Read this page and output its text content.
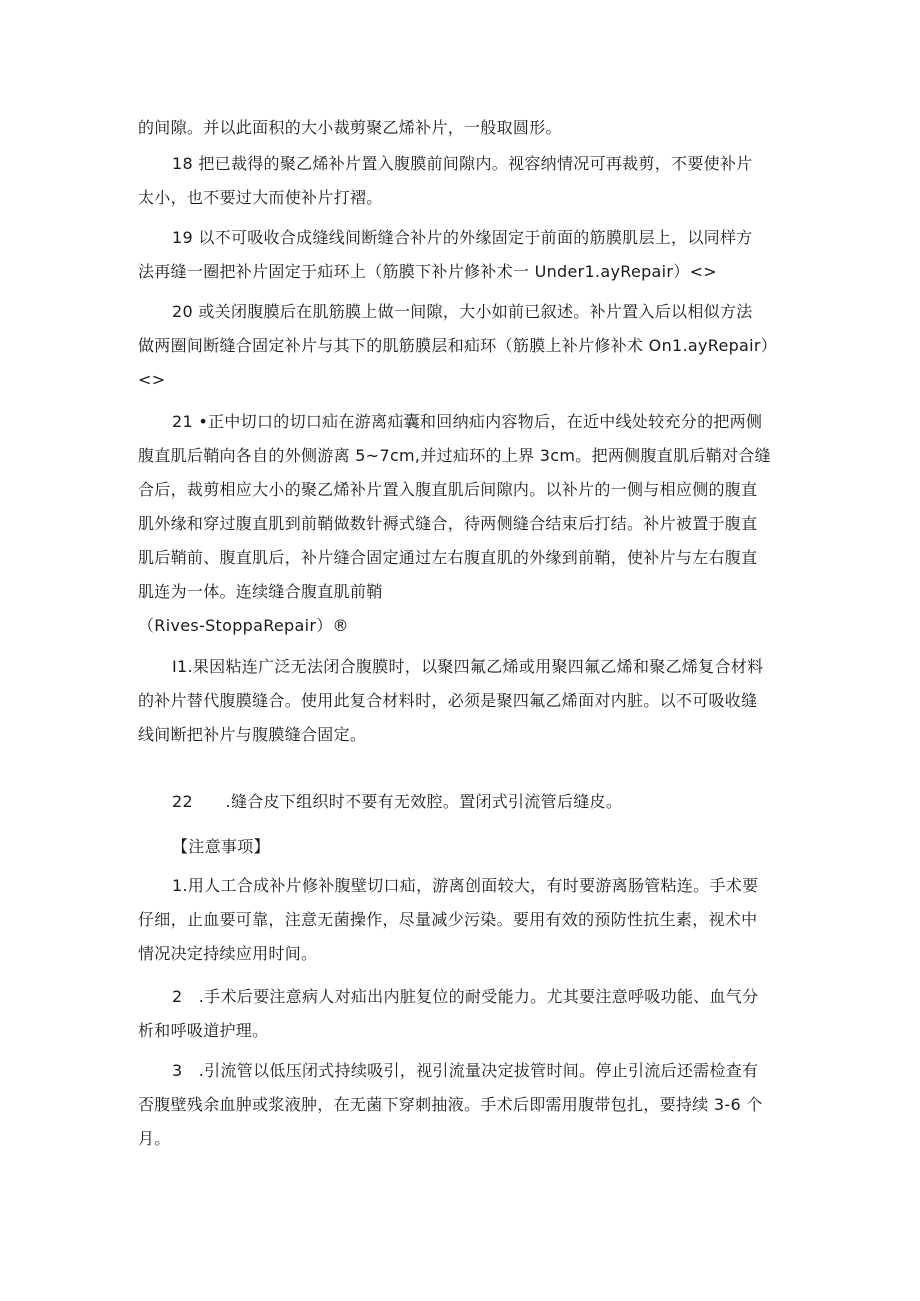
的间隙。并以此面积的大小裁剪聚乙烯补片，一般取圆形。

18 把已裁得的聚乙烯补片置入腹膜前间隙内。视容纳情况可再裁剪，不要使补片
太小，也不要过大而使补片打褶。

19 以不可吸收合成缝线间断缝合补片的外缘固定于前面的筋膜肌层上，以同样方
法再缝一圈把补片固定于疝环上（筋膜下补片修补术一 Under1.ayRepair）<>

20 或关闭腹膜后在肌筋膜上做一间隙，大小如前已叙述。补片置入后以相似方法
做两圈间断缝合固定补片与其下的肌筋膜层和疝环（筋膜上补片修补术 On1.ayRepair）
<>

21 •正中切口的切口疝在游离疝囊和回纳疝内容物后，在近中线处较充分的把两侧
腹直肌后鞘向各自的外侧游离 5~7cm,并过疝环的上界 3cm。把两侧腹直肌后鞘对合缝
合后，裁剪相应大小的聚乙烯补片置入腹直肌后间隙内。以补片的一侧与相应侧的腹直
肌外缘和穿过腹直肌到前鞘做数针褥式缝合，待两侧缝合结束后打结。补片被置于腹直
肌后鞘前、腹直肌后，补片缝合固定通过左右腹直肌的外缘到前鞘，使补片与左右腹直
肌连为一体。连续缝合腹直肌前鞘
（Rives-StoppaRepair）®

I1.果因粘连广泛无法闭合腹膜时，以聚四氟乙烯或用聚四氟乙烯和聚乙烯复合材料
的补片替代腹膜缝合。使用此复合材料时，必须是聚四氟乙烯面对内脏。以不可吸收缝
线间断把补片与腹膜缝合固定。

22　　.缝合皮下组织时不要有无效腔。置闭式引流管后缝皮。

【注意事项】

1.用人工合成补片修补腹壁切口疝，游离创面较大，有时要游离肠管粘连。手术要
仔细，止血要可靠，注意无菌操作，尽量减少污染。要用有效的预防性抗生素，视术中
情况决定持续应用时间。

2　.手术后要注意病人对疝出内脏复位的耐受能力。尤其要注意呼吸功能、血气分
析和呼吸道护理。

3　.引流管以低压闭式持续吸引，视引流量决定拔管时间。停止引流后还需检查有
否腹壁残余血肿或浆液肿，在无菌下穿刺抽液。手术后即需用腹带包扎，要持续 3-6 个
月。
